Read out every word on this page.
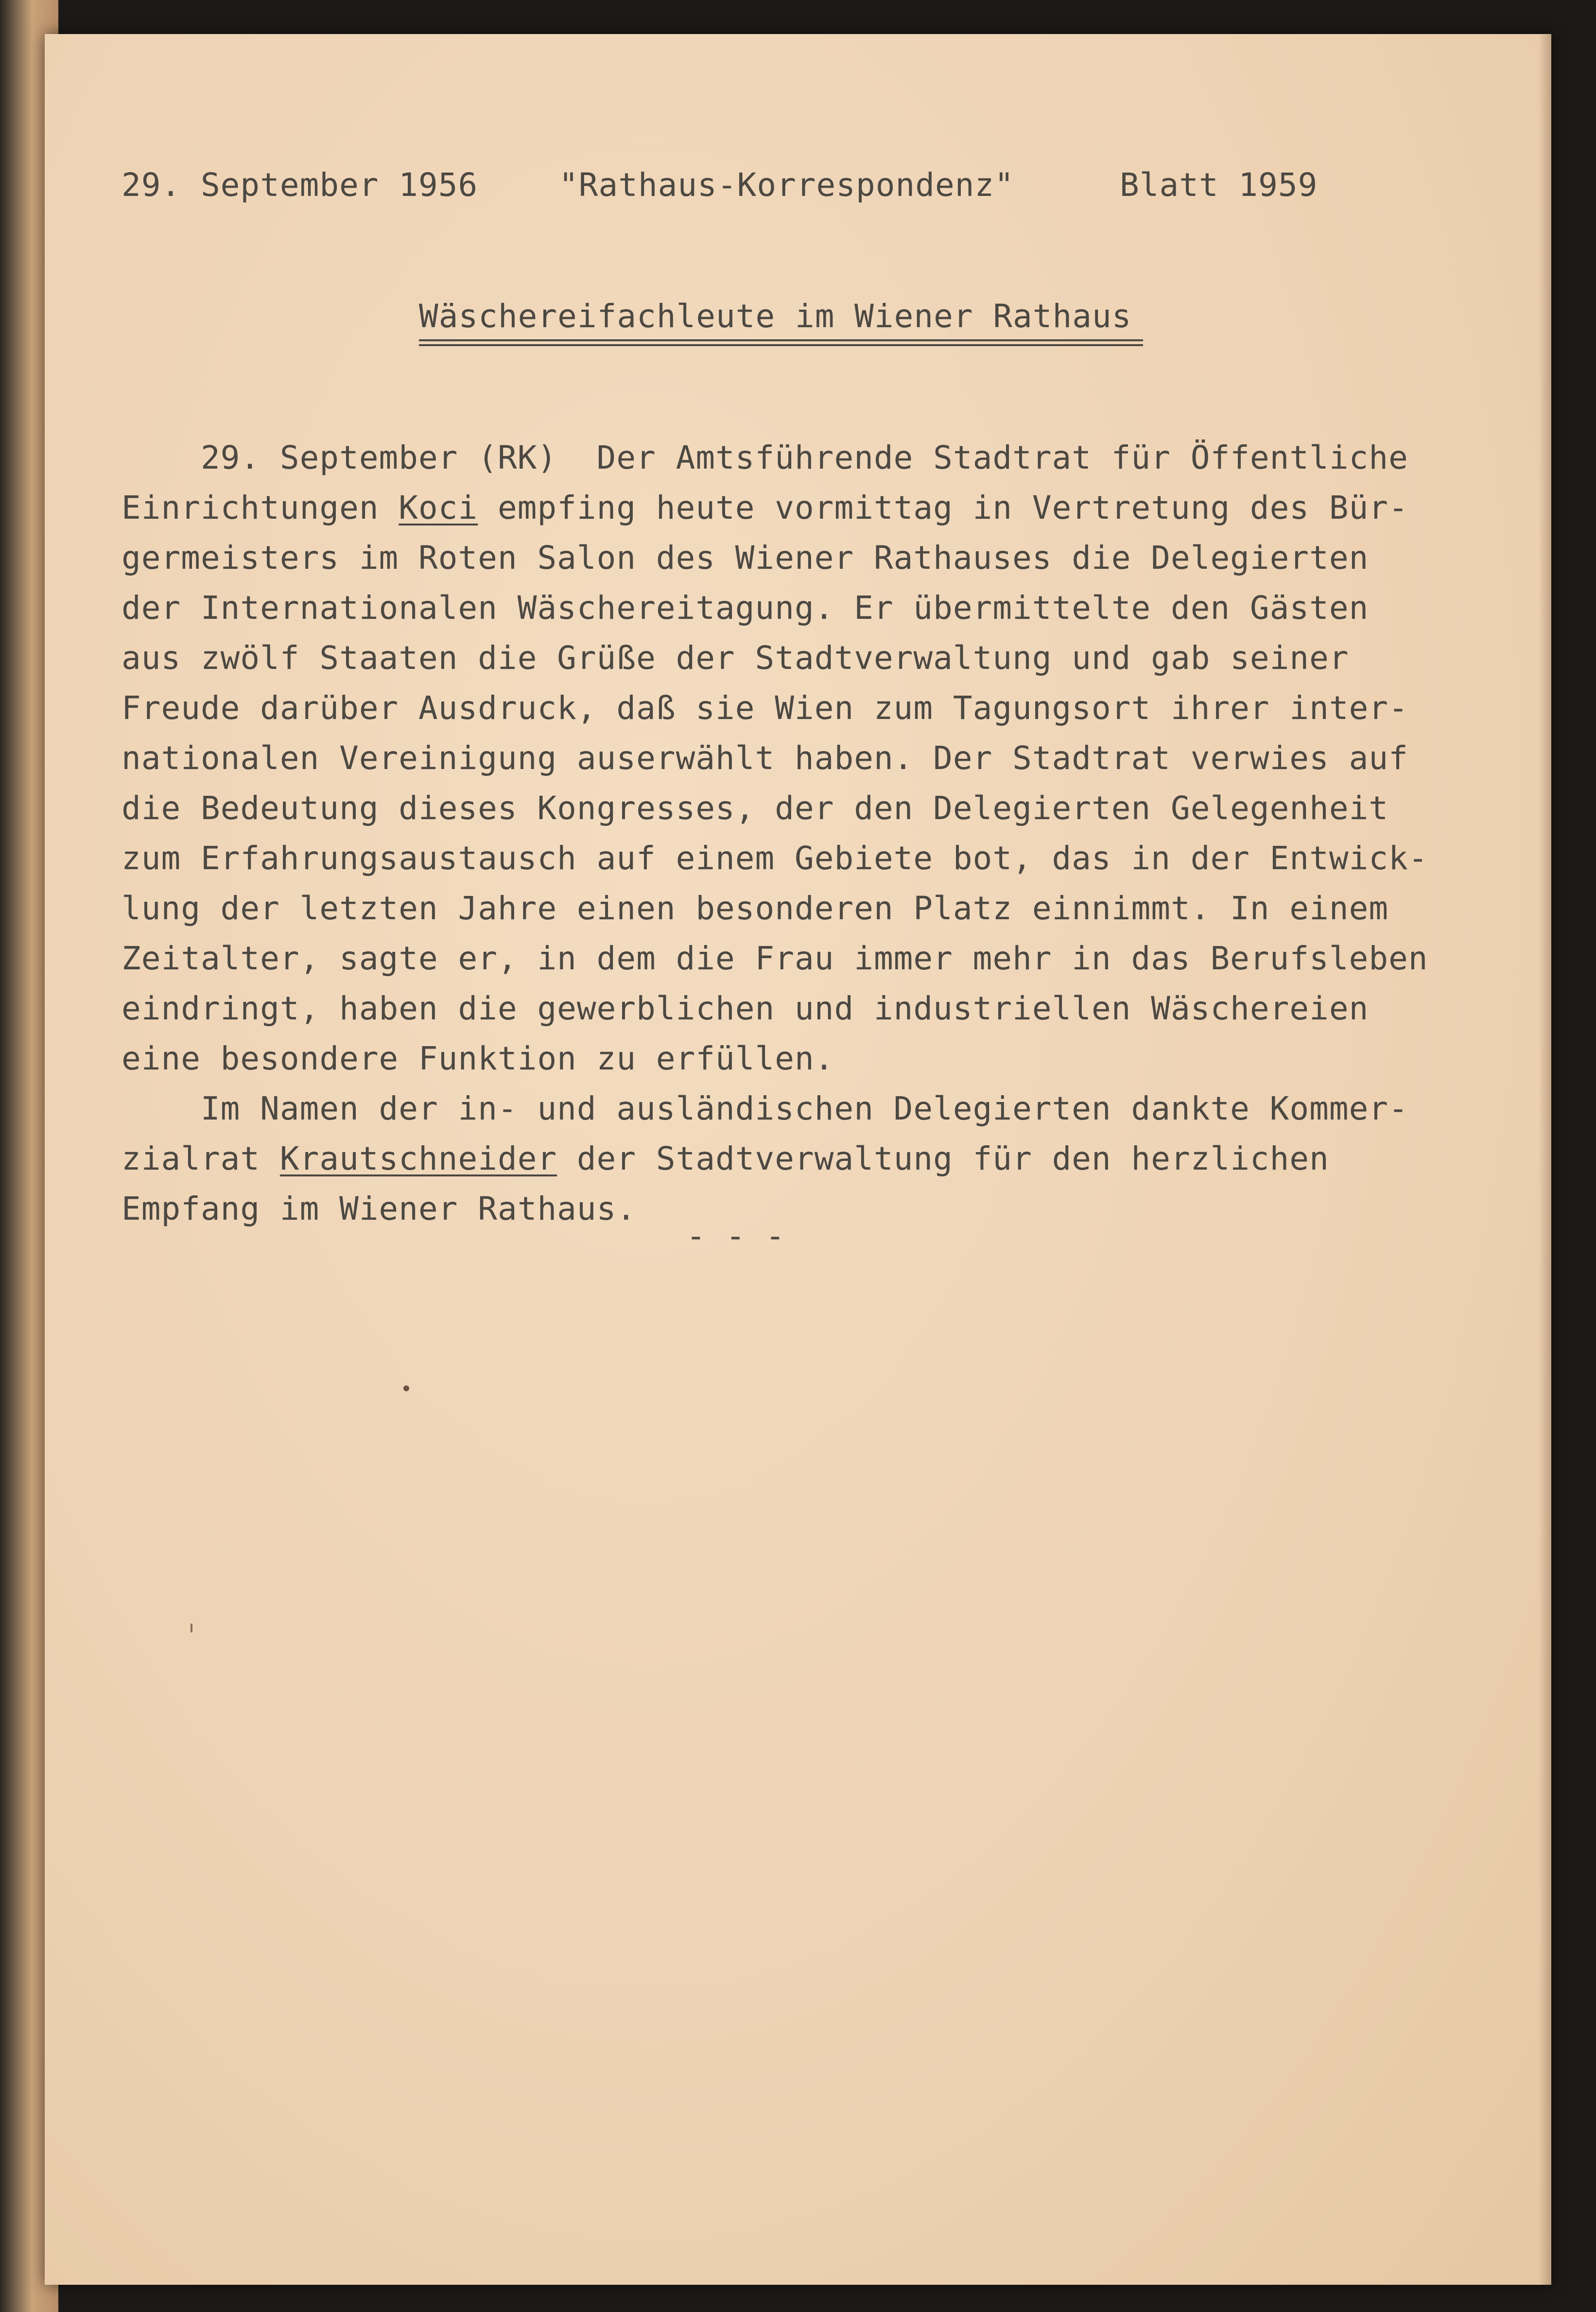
29. September 1956	"Rathaus-Korrespondenz"	Blatt 1959

Wäschereifachleute im Wiener Rathaus

29. September (RK)  Der Amtsführende Stadtrat für Öffentliche
Einrichtungen Koci empfing heute vormittag in Vertretung des Bür-
germeisters im Roten Salon des Wiener Rathauses die Delegierten
der Internationalen Wäschereitagung. Er übermittelte den Gästen
aus zwölf Staaten die Grüße der Stadtverwaltung und gab seiner
Freude darüber Ausdruck, daß sie Wien zum Tagungsort ihrer inter-
nationalen Vereinigung auserwählt haben. Der Stadtrat verwies auf
die Bedeutung dieses Kongresses, der den Delegierten Gelegenheit
zum Erfahrungsaustausch auf einem Gebiete bot, das in der Entwick-
lung der letzten Jahre einen besonderen Platz einnimmt. In einem
Zeitalter, sagte er, in dem die Frau immer mehr in das Berufsleben
eindringt, haben die gewerblichen und industriellen Wäschereien
eine besondere Funktion zu erfüllen.
Im Namen der in- und ausländischen Delegierten dankte Kommer-
zialrat Krautschneider der Stadtverwaltung für den herzlichen
Empfang im Wiener Rathaus.

- - -
